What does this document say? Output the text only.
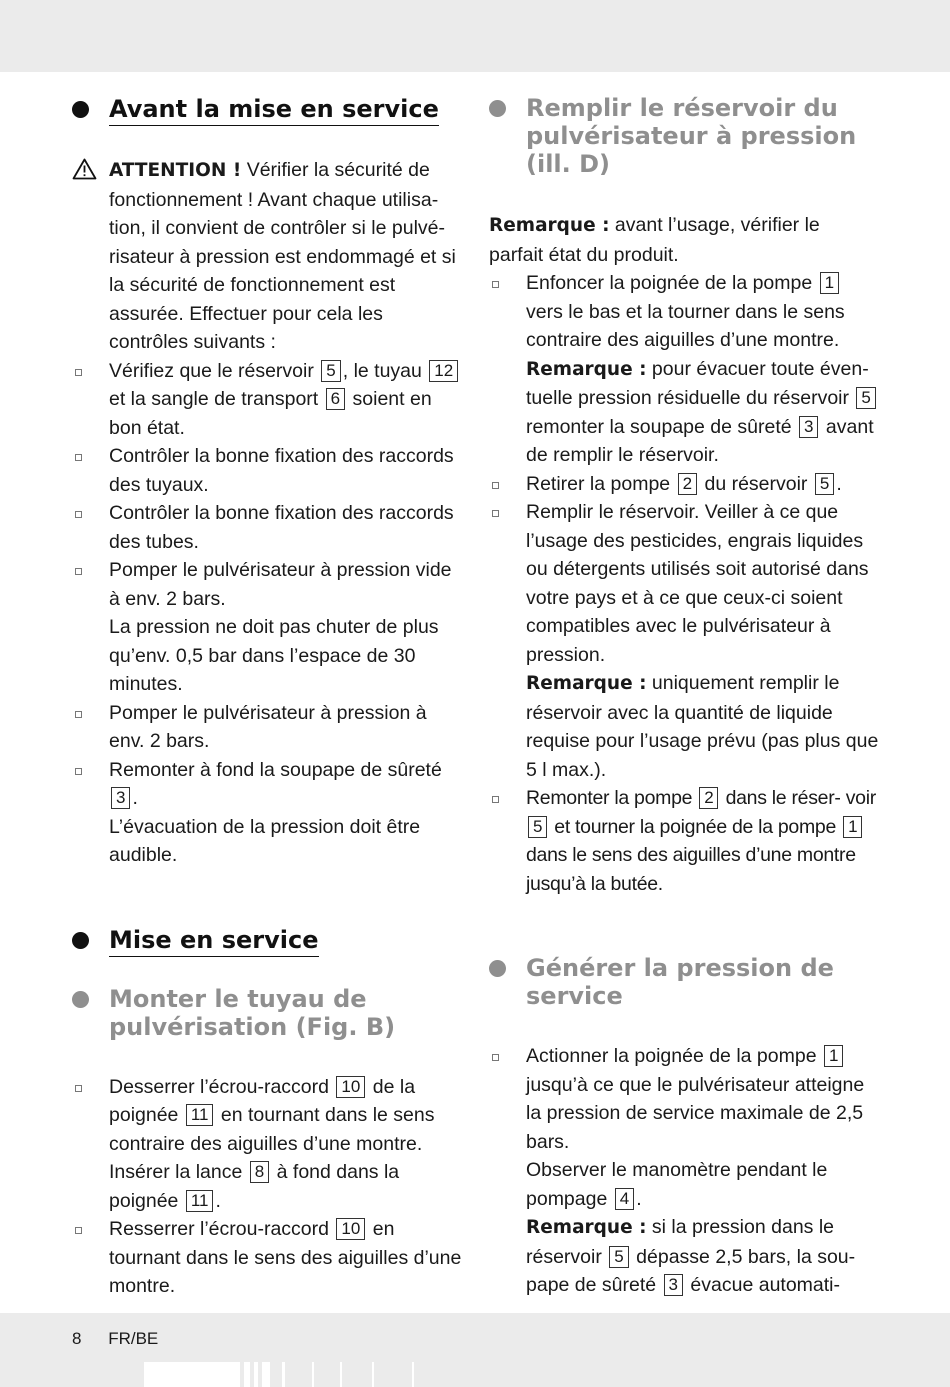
Avant la mise en service

ATTENTION ! Vérifier la sécurité de fonctionnement ! Avant chaque utilisa- tion, il convient de contrôler si le pulvé- risateur à pression est endommagé et si la sécurité de fonctionnement est assurée. Effectuer pour cela les contrôles suivants :

Vérifiez que le réservoir 5 , le tuyau 12 et la sangle de transport 6 soient en bon état.

Contrôler la bonne fixation des raccords des tuyaux.

Contrôler la bonne fixation des raccords des tubes.

Pomper le pulvérisateur à pression vide à env. 2 bars.

La pression ne doit pas chuter de plus qu’env. 0,5 bar dans l’espace de 30 minutes.

Pomper le pulvérisateur à pression à env. 2 bars.

Remonter à fond la soupape de sûreté 3 .

L’évacuation de la pression doit être audible.

Mise en service
Monter le tuyau de pulvérisation (Fig. B)

Desserrer l’écrou-raccord 10 de la poignée 11 en tournant dans le sens contraire des aiguilles d’une montre. Insérer la lance 8 à fond dans la poignée 11 .

Resserrer l’écrou-raccord 10 en tournant dans le sens des aiguilles d’une montre.

Remplir le réservoir du pulvérisateur à pression (ill. D)

Remarque : avant l’usage, vérifier le parfait état du produit.

Enfoncer la poignée de la pompe 1 vers le bas et la tourner dans le sens contraire des aiguilles d’une montre.

Remarque : pour évacuer toute éven- tuelle pression résiduelle du réservoir 5 remonter la soupape de sûreté 3 avant de remplir le réservoir.

Retirer la pompe 2 du réservoir 5 .

Remplir le réservoir. Veiller à ce que l’usage des pesticides, engrais liquides ou détergents utilisés soit autorisé dans votre pays et à ce que ceux-ci soient compatibles avec le pulvérisateur à pression.

Remarque : uniquement remplir le réservoir avec la quantité de liquide requise pour l’usage prévu (pas plus que 5 l max.).

Remonter la pompe 2 dans le réser- voir 5 et tourner la poignée de la pompe 1 dans le sens des aiguilles d’une montre jusqu’à la butée.

Générer la pression de service

Actionner la poignée de la pompe 1 jusqu’à ce que le pulvérisateur atteigne la pression de service maximale de 2,5 bars.

Observer le manomètre pendant le pompage 4 .

Remarque : si la pression dans le réservoir 5 dépasse 2,5 bars, la sou- pape de sûreté 3 évacue automati-

8 FR/BE
